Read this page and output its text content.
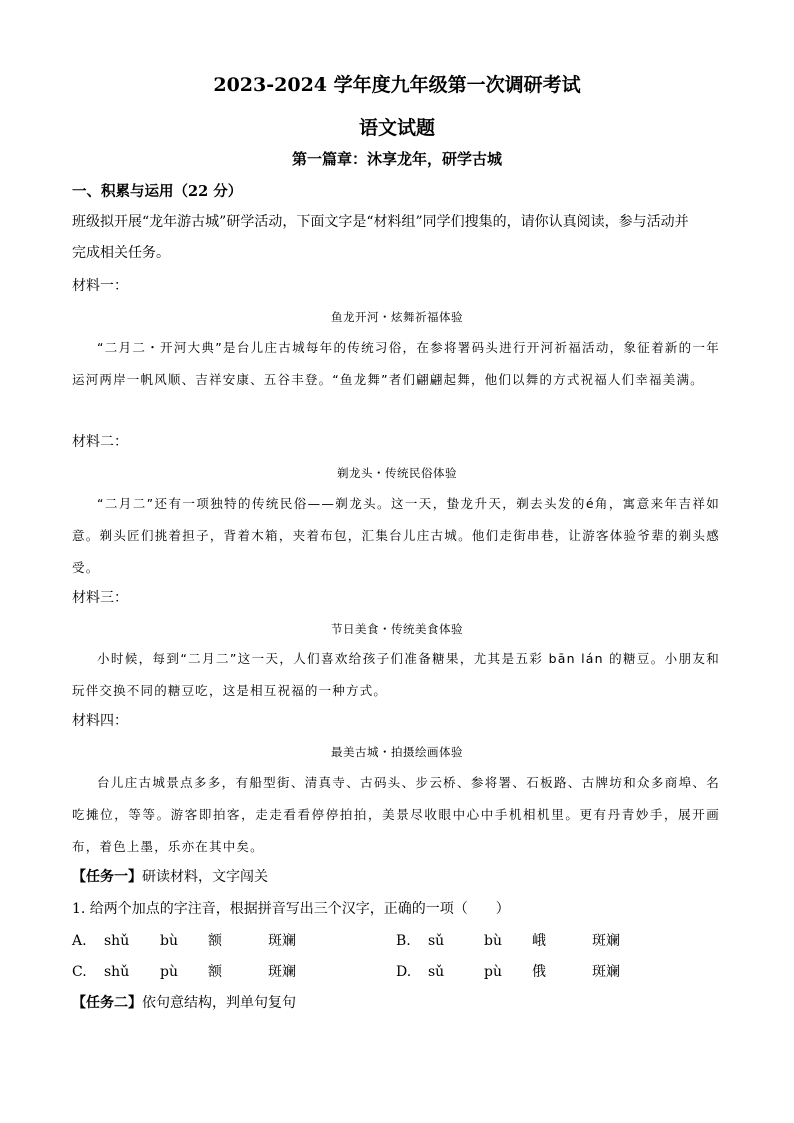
2023-2024 学年度九年级第一次调研考试
语文试题
第一篇章：沐享龙年，研学古城
一、积累与运用（22 分）
班级拟开展“龙年游古城”研学活动，下面文字是“材料组”同学们搜集的，请你认真阅读，参与活动并
完成相关任务。
材料一：
鱼龙开河・炫舞祈福体验

“二月二・开河大典”是台儿庄古城每年的传统习俗，在参将署码头进行开河祈福活动，象征着新的一年运河两岸一帆风顺、吉祥安康、五谷丰登。“鱼龙舞”者们翩翩起舞，他们以舞的方式祝福人们幸福美满。

材料二：
剃龙头・传统民俗体验

“二月二”还有一项独特的传统民俗——剃龙头。这一天，蛰龙升天，剃去头发的é角，寓意来年吉祥如意。剃头匠们挑着担子，背着木箱，夹着布包，汇集台儿庄古城。他们走街串巷，让游客体验爷辈的剃头感受。

材料三：
节日美食・传统美食体验

小时候，每到“二月二”这一天，人们喜欢给孩子们准备糖果，尤其是五彩 bān lán 的糖豆。小朋友和玩伴交换不同的糖豆吃，这是相互祝福的一种方式。

材料四：
最美古城・拍摄绘画体验

台儿庄古城景点多多，有船型街、清真寺、古码头、步云桥、参将署、石板路、古牌坊和众多商埠、名吃摊位，等等。游客即拍客，走走看看停停拍拍，美景尽收眼中心中手机相机里。更有丹青妙手，展开画布，着色上墨，乐亦在其中矣。

【任务一】研读材料，文字闯关
1. 给两个加点的字注音，根据拼音写出三个汉字，正确的一项（　　）
A. shǔ bù 额	斑斓	B. sǔ	bù 峨	斑斓
C. shǔ pù 额	斑斓	D. sǔ	pù 俄	斑斓
【任务二】依句意结构，判单句复句
